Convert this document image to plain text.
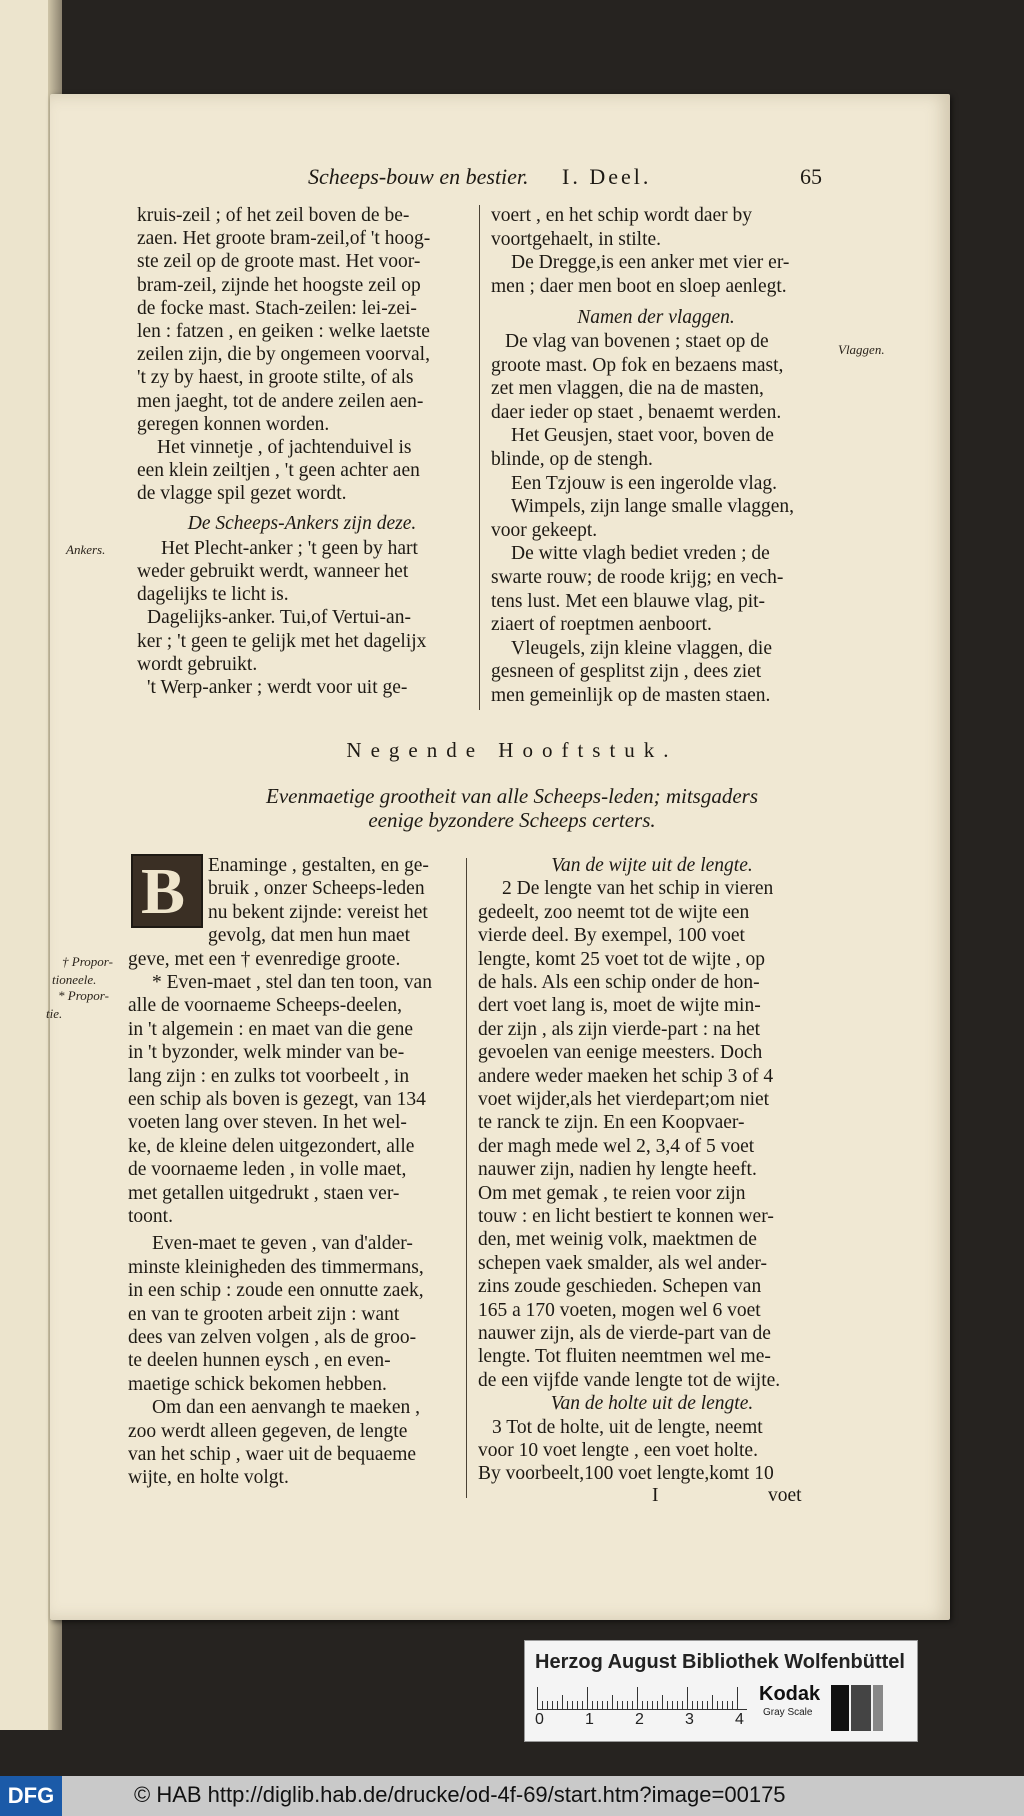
Scheeps-bouw en bestier. I. Deel.	65
kruis-zeil ; of het zeil boven de be-
zaen. Het groote bram-zeil,of 't hoog-
ste zeil op de groote mast. Het voor-
bram-zeil, zijnde het hoogste zeil op
de focke mast. Stach-zeilen: lei-zei-
len : fatzen , en geiken : welke laetste
zeilen zijn, die by ongemeen voorval,
't zy by haest, in groote stilte, of als
men jaeght, tot de andere zeilen aen-
geregen konnen worden.
Het vinnetje , of jachtenduivel is
een klein zeiltjen , 't geen achter aen
de vlagge spil gezet wordt.
De Scheeps-Ankers zijn deze.
Het Plecht-anker ; 't geen by hart
weder gebruikt werdt, wanneer het
dagelijks te licht is.
Dagelijks-anker. Tui,of Vertui-an-
ker ; 't geen te gelijk met het dagelijx
wordt gebruikt.
't Werp-anker ; werdt voor uit ge-
voert , en het schip wordt daer by
voortgehaelt, in stilte.
De Dregge,is een anker met vier er-
men ; daer men boot en sloep aenlegt.
Namen der vlaggen.
De vlag van bovenen ; staet op de
groote mast. Op fok en bezaens mast,
zet men vlaggen, die na de masten,
daer ieder op staet , benaemt werden.
Het Geusjen, staet voor, boven de
blinde, op de stengh.
Een Tzjouw is een ingerolde vlag.
Wimpels, zijn lange smalle vlaggen,
voor gekeept.
De witte vlagh bediet vreden ; de
swarte rouw; de roode krijg; en vech-
tens lust. Met een blauwe vlag, pit-
ziaert of roeptmen aenboort.
Vleugels, zijn kleine vlaggen, die
gesneen of gesplitst zijn , dees ziet
men gemeinlijk op de masten staen.
Vlaggen.
Ankers.
† Propor-
tioneele.
* Propor-
tie.
Negende Hooftstuk.
Evenmaetige grootheit van alle Scheeps-leden; mitsgaders
eenige byzondere Scheeps certers.
B Enaminge , gestalten, en ge-
bruik , onzer Scheeps-leden
nu bekent zijnde: vereist het
gevolg, dat men hun maet
geve, met een † evenredige groote.
* Even-maet , stel dan ten toon, van
alle de voornaeme Scheeps-deelen,
in 't algemein : en maet van die gene
in 't byzonder, welk minder van be-
lang zijn : en zulks tot voorbeelt , in
een schip als boven is gezegt, van 134
voeten lang over steven. In het wel-
ke, de kleine delen uitgezondert, alle
de voornaeme leden , in volle maet,
met getallen uitgedrukt , staen ver-
toont.
Even-maet te geven , van d'alder-
minste kleinigheden des timmermans,
in een schip : zoude een onnutte zaek,
en van te grooten arbeit zijn : want
dees van zelven volgen , als de groo-
te deelen hunnen eysch , en even-
maetige schick bekomen hebben.
Om dan een aenvangh te maeken ,
zoo werdt alleen gegeven, de lengte
van het schip , waer uit de bequaeme
wijte, en holte volgt.
Van de wijte uit de lengte.
2 De lengte van het schip in vieren
gedeelt, zoo neemt tot de wijte een
vierde deel. By exempel, 100 voet
lengte, komt 25 voet tot de wijte , op
de hals. Als een schip onder de hon-
dert voet lang is, moet de wijte min-
der zijn , als zijn vierde-part : na het
gevoelen van eenige meesters. Doch
andere weder maeken het schip 3 of 4
voet wijder,als het vierdepart;om niet
te ranck te zijn. En een Koopvaer-
der magh mede wel 2, 3,4 of 5 voet
nauwer zijn, nadien hy lengte heeft.
Om met gemak , te reien voor zijn
touw : en licht bestiert te konnen wer-
den, met weinig volk, maektmen de
schepen vaek smalder, als wel ander-
zins zoude geschieden. Schepen van
165 a 170 voeten, mogen wel 6 voet
nauwer zijn, als de vierde-part van de
lengte. Tot fluiten neemtmen wel me-
de een vijfde vande lengte tot de wijte.
Van de holte uit de lengte.
3 Tot de holte, uit de lengte, neemt
voor 10 voet lengte , een voet holte.
By voorbeelt,100 voet lengte,komt 10
I	voet
Herzog August Bibliothek Wolfenbüttel
0	1	2	3	4
Kodak
Gray Scale
DFG	© HAB http://diglib.hab.de/drucke/od-4f-69/start.htm?image=00175
